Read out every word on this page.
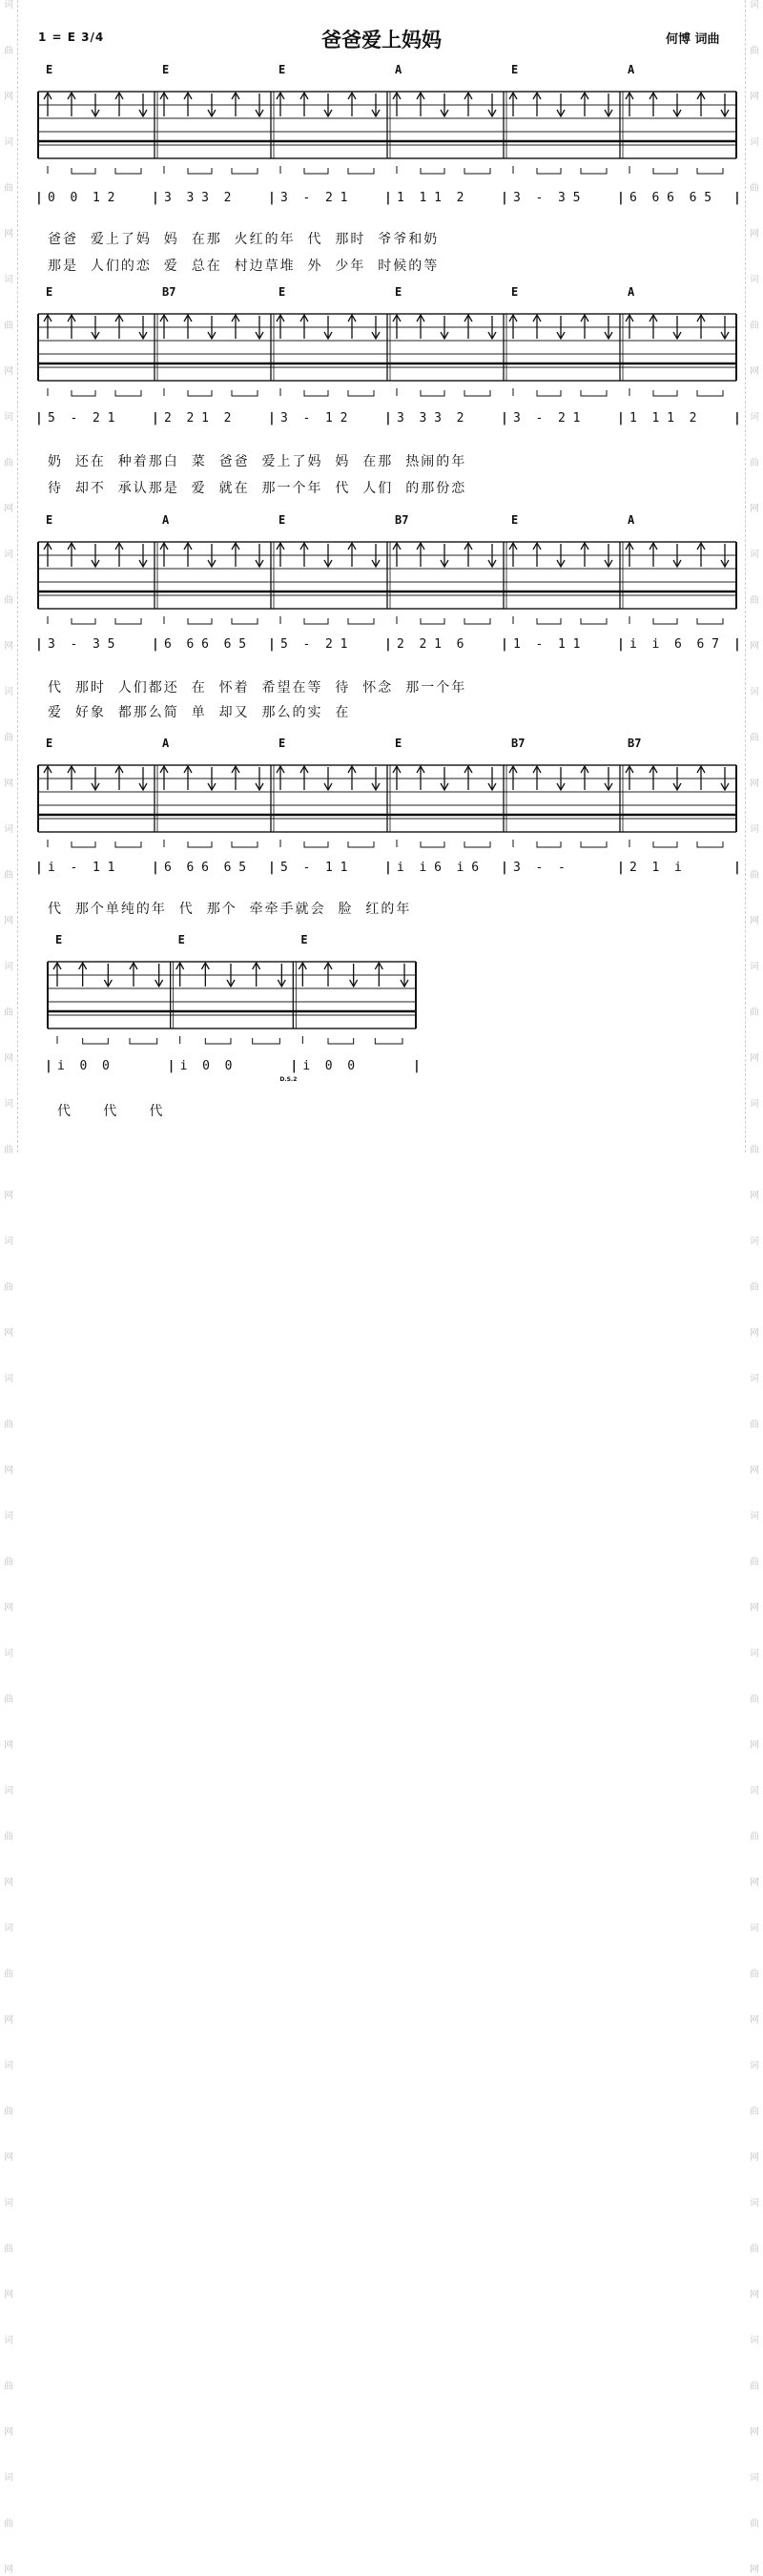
词
曲
网
词
曲
网
词
曲
网
词
曲
网
词
曲
网
词
曲
网
词
曲
网
词
曲
网
词
曲
网
词
曲
网
词
曲
网
词
曲
网
词
曲
网
词
曲
网
词
曲
网
词
曲
网
词
曲
网
词
曲
网
词
曲
网
词
曲
网
词
曲
网
词
曲
网
词
曲
网
词
曲
网
词
曲
网
词
曲
网
词
曲
网
词
曲
网
词
曲
网
词
曲
网
词
曲
网
词
曲
网
词
曲
网
词
曲
网
词
曲
网
词
曲
网
词
曲
网
词
曲
网
1 = E 3/4	爸爸爱上妈妈	何博 词曲
E	E	E	A	E	A
|	|	|	|	|	|	|
0  0  1 2	3  3 3  2	3  -  2 1	1  1 1  2	3  -  3 5	6  6 6  6 5
爸爸  爱上了妈  妈  在那  火红的年  代  那时  爷爷和奶
那是  人们的恋  爱  总在  村边草堆  外  少年  时候的等
E	B7	E	E	E	A
|	|	|	|	|	|	|
5  -  2 1	2  2 1  2	3  -  1 2	3  3 3  2	3  -  2 1	1  1 1  2
奶  还在  种着那白  菜  爸爸  爱上了妈  妈  在那  热闹的年
待  却不  承认那是  爱  就在  那一个年  代  人们  的那份恋
E	A	E	B7	E	A
|	|	|	|	|	|	|
3  -  3 5	6  6 6  6 5	5  -  2 1	2  2 1  6	1  -  1 1	i  i  6  6 7
代  那时  人们都还  在  怀着  希望在等  待  怀念  那一个年
爱  好象  都那么简  单  却又  那么的实  在
E	A	E	E	B7	B7
|	|	|	|	|	|	|
i  -  1 1	6  6 6  6 5	5  -  1 1	i  i 6  i 6	3  -  -	2  1  i
代  那个单纯的年  代  那个  牵牵手就会  脸  红的年
E	E	E
|	|	|	|
i  0  0	i  0  0	i  0  0
D.S.2
代     代     代
